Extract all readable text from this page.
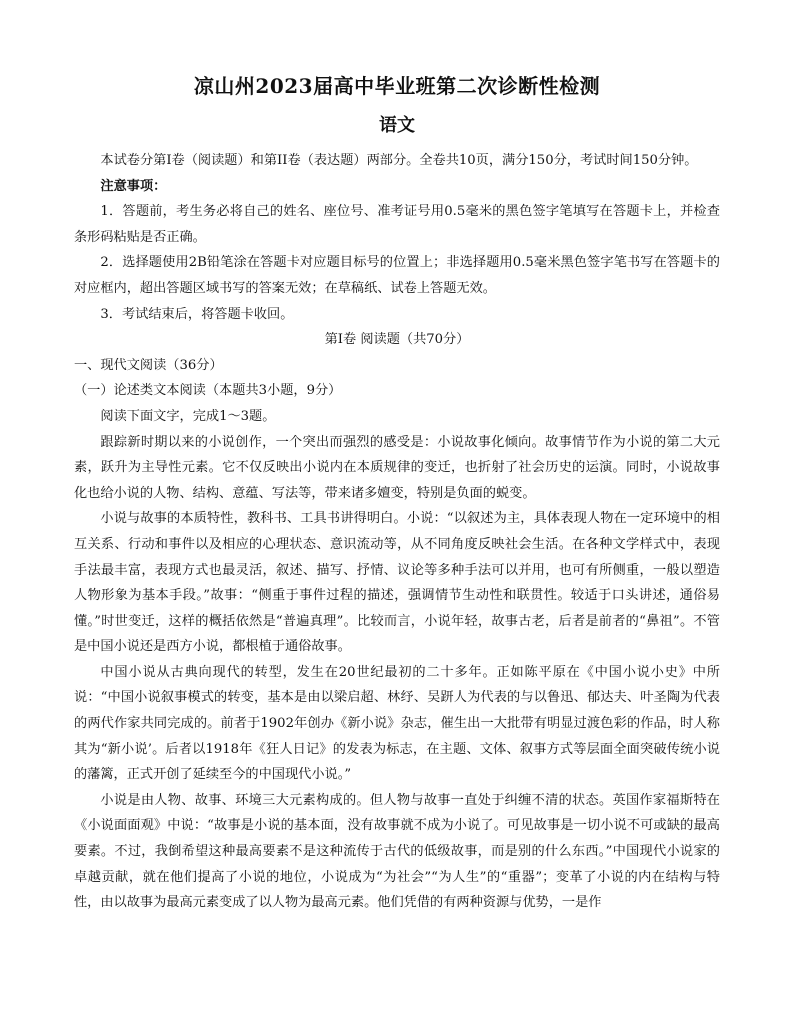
凉山州2023届高中毕业班第二次诊断性检测
语文

本试卷分第I卷（阅读题）和第II卷（表达题）两部分。全卷共10页，满分150分，考试时间150分钟。

注意事项：

1．答题前，考生务必将自己的姓名、座位号、准考证号用0.5毫米的黑色签字笔填写在答题卡上，并检查条形码粘贴是否正确。

2．选择题使用2B铅笔涂在答题卡对应题目标号的位置上；非选择题用0.5毫米黑色签字笔书写在答题卡的对应框内，超出答题区域书写的答案无效；在草稿纸、试卷上答题无效。

3．考试结束后，将答题卡收回。

第I卷 阅读题（共70分）

一、现代文阅读（36分）

（一）论述类文本阅读（本题共3小题，9分）

阅读下面文字，完成1～3题。

跟踪新时期以来的小说创作，一个突出而强烈的感受是：小说故事化倾向。故事情节作为小说的第二大元素，跃升为主导性元素。它不仅反映出小说内在本质规律的变迁，也折射了社会历史的运演。同时，小说故事化也给小说的人物、结构、意蕴、写法等，带来诸多嬗变，特别是负面的蜕变。

小说与故事的本质特性，教科书、工具书讲得明白。小说：“以叙述为主，具体表现人物在一定环境中的相互关系、行动和事件以及相应的心理状态、意识流动等，从不同角度反映社会生活。在各种文学样式中，表现手法最丰富，表现方式也最灵活，叙述、描写、抒情、议论等多种手法可以并用，也可有所侧重，一般以塑造人物形象为基本手段。”故事：“侧重于事件过程的描述，强调情节生动性和联贯性。较适于口头讲述，通俗易懂。”时世变迁，这样的概括依然是“普遍真理”。比较而言，小说年轻，故事古老，后者是前者的“鼻祖”。不管是中国小说还是西方小说，都根植于通俗故事。

中国小说从古典向现代的转型，发生在20世纪最初的二十多年。正如陈平原在《中国小说小史》中所说：“中国小说叙事模式的转变，基本是由以梁启超、林纾、吴趼人为代表的与以鲁迅、郁达夫、叶圣陶为代表的两代作家共同完成的。前者于1902年创办《新小说》杂志，催生出一大批带有明显过渡色彩的作品，时人称其为“新小说’。后者以1918年《狂人日记》的发表为标志，在主题、文体、叙事方式等层面全面突破传统小说的藩篱，正式开创了延续至今的中国现代小说。”

小说是由人物、故事、环境三大元素构成的。但人物与故事一直处于纠缠不清的状态。英国作家福斯特在《小说面面观》中说：“故事是小说的基本面，没有故事就不成为小说了。可见故事是一切小说不可或缺的最高要素。不过，我倒希望这种最高要素不是这种流传于古代的低级故事，而是别的什么东西。”中国现代小说家的卓越贡献，就在他们提高了小说的地位，小说成为“为社会”“为人生”的“重器”；变革了小说的内在结构与特性，由以故事为最高元素变成了以人物为最高元素。他们凭借的有两种资源与优势，一是作
